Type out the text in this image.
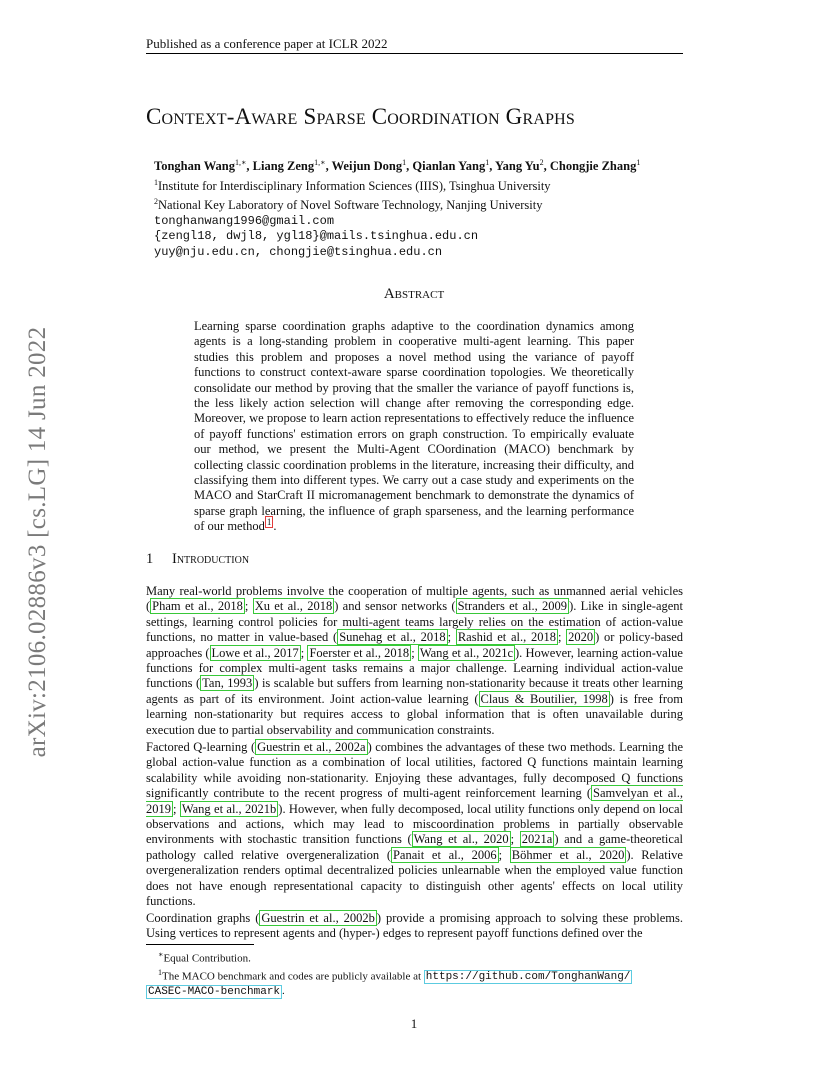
Published as a conference paper at ICLR 2022
arXiv:2106.02886v3 [cs.LG] 14 Jun 2022
Context-Aware Sparse Coordination Graphs
Tonghan Wang$^{1,∗}$, Liang Zeng$^{1,∗}$, Weijun Dong$^1$, Qianlan Yang$^1$, Yang Yu$^2$, Chongjie Zhang$^1$
$^1$Institute for Interdisciplinary Information Sciences (IIIS), Tsinghua University
$^2$National Key Laboratory of Novel Software Technology, Nanjing University
tonghanwang1996@gmail.com
{zengl18, dwjl8, ygl18}@mails.tsinghua.edu.cn
yuy@nju.edu.cn, chongjie@tsinghua.edu.cn
Abstract
Learning sparse coordination graphs adaptive to the coordination dynamics among agents is a long-standing problem in cooperative multi-agent learning. This paper studies this problem and proposes a novel method using the variance of payoff functions to construct context-aware sparse coordination topologies. We theoretically consolidate our method by proving that the smaller the variance of payoff functions is, the less likely action selection will change after removing the corresponding edge. Moreover, we propose to learn action representations to effectively reduce the influence of payoff functions' estimation errors on graph construction. To empirically evaluate our method, we present the Multi-Agent COordination (MACO) benchmark by collecting classic coordination problems in the literature, increasing their difficulty, and classifying them into different types. We carry out a case study and experiments on the MACO and StarCraft II micromanagement benchmark to demonstrate the dynamics of sparse graph learning, the influence of graph sparseness, and the learning performance of our method $^1$ .
1 Introduction
Many real-world problems involve the cooperation of multiple agents, such as unmanned aerial vehicles ( Pham et al., 2018 ; Xu et al., 2018 ) and sensor networks ( Stranders et al., 2009 ). Like in single-agent settings, learning control policies for multi-agent teams largely relies on the estimation of action-value functions, no matter in value-based ( Sunehag et al., 2018 ; Rashid et al., 2018 ; 2020 ) or policy-based approaches ( Lowe et al., 2017 ; Foerster et al., 2018 ; Wang et al., 2021c ). However, learning action-value functions for complex multi-agent tasks remains a major challenge. Learning individual action-value functions ( Tan, 1993 ) is scalable but suffers from learning non-stationarity because it treats other learning agents as part of its environment. Joint action-value learning ( Claus & Boutilier, 1998 ) is free from learning non-stationarity but requires access to global information that is often unavailable during execution due to partial observability and communication constraints.
Factored Q-learning ( Guestrin et al., 2002a ) combines the advantages of these two methods. Learning the global action-value function as a combination of local utilities, factored Q functions maintain learning scalability while avoiding non-stationarity. Enjoying these advantages, fully decomposed Q functions significantly contribute to the recent progress of multi-agent reinforcement learning ( Samvelyan et al., 2019 ; Wang et al., 2021b ). However, when fully decomposed, local utility functions only depend on local observations and actions, which may lead to miscoordination problems in partially observable environments with stochastic transition functions ( Wang et al., 2020 ; 2021a ) and a game-theoretical pathology called relative overgeneralization ( Panait et al., 2006 ; Böhmer et al., 2020 ). Relative overgeneralization renders optimal decentralized policies unlearnable when the employed value function does not have enough representational capacity to distinguish other agents' effects on local utility functions.
Coordination graphs ( Guestrin et al., 2002b ) provide a promising approach to solving these problems. Using vertices to represent agents and (hyper-) edges to represent payoff functions defined over the
∗Equal Contribution.
$^1$The MACO benchmark and codes are publicly available at https://github.com/TonghanWang/
CASEC-MACO-benchmark .
1
